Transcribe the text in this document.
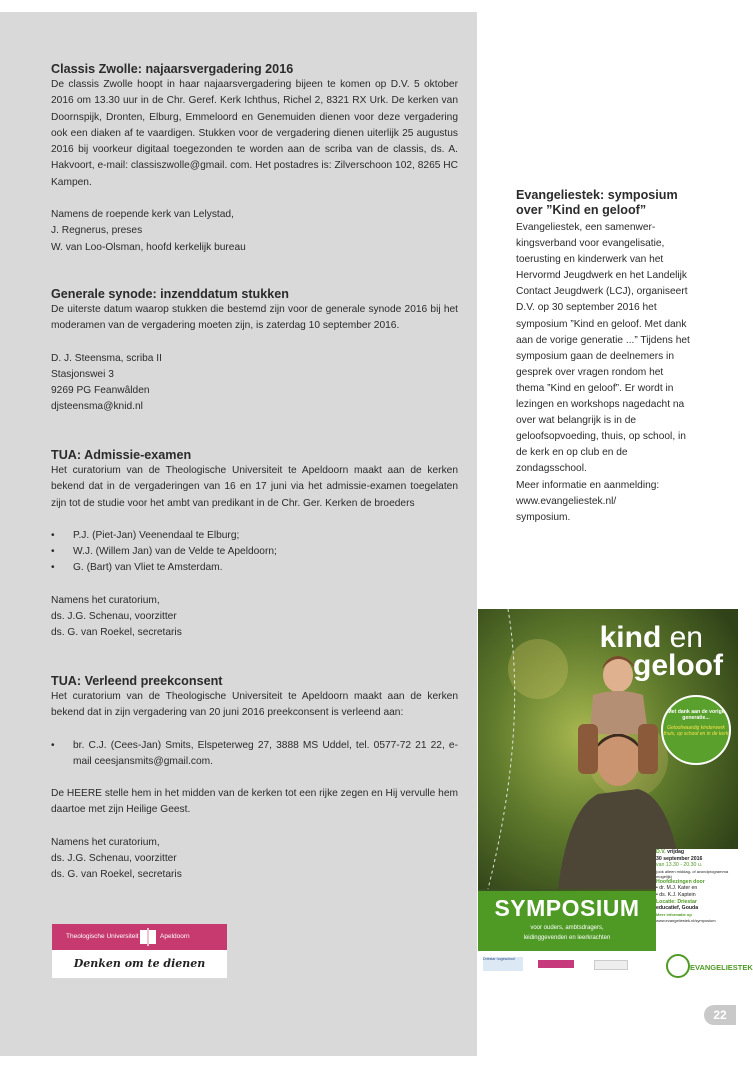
Classis Zwolle: najaarsvergadering 2016

De classis Zwolle hoopt in haar najaarsvergadering bijeen te komen op D.V. 5 oktober 2016 om 13.30 uur in de Chr. Geref. Kerk Ichthus, Richel 2, 8321 RX Urk. De kerken van Doornspijk, Dronten, Elburg, Emmeloord en Genemuiden dienen voor deze vergadering ook een diaken af te vaardigen. Stukken voor de vergadering dienen uiterlijk 25 augustus 2016 bij voorkeur digitaal toegezonden te worden aan de scriba van de classis, ds. A. Hakvoort, e-mail: classiszwolle@gmail. com. Het postadres is: Zilverschoon 102, 8265 HC Kampen.

Namens de roepende kerk van Lelystad,

J. Regnerus, preses

W. van Loo-Olsman, hoofd kerkelijk bureau

Generale synode: inzenddatum stukken

De uiterste datum waarop stukken die bestemd zijn voor de generale synode 2016 bij het moderamen van de vergadering moeten zijn, is zaterdag 10 september 2016.

D. J. Steensma, scriba II

Stasjonswei 3

9269 PG Feanwâlden

djsteensma@knid.nl

TUA: Admissie-examen

Het curatorium van de Theologische Universiteit te Apeldoorn maakt aan de kerken bekend dat in de vergaderingen van 16 en 17 juni via het admissie-examen toegelaten zijn tot de studie voor het ambt van predikant in de Chr. Ger. Kerken de broeders

• P.J. (Piet-Jan) Veenendaal te Elburg;
• W.J. (Willem Jan) van de Velde te Apeldoorn;
• G. (Bart) van Vliet te Amsterdam.

Namens het curatorium,

ds. J.G. Schenau, voorzitter

ds. G. van Roekel, secretaris

TUA: Verleend preekconsent

Het curatorium van de Theologische Universiteit te Apeldoorn maakt aan de kerken bekend dat in zijn vergadering van 20 juni 2016 preekconsent is verleend aan:

• br. C.J. (Cees-Jan) Smits, Elspeterweg 27, 3888 MS Uddel, tel. 0577-72 21 22, e-mail ceesjansmits@gmail.com.

De HEERE stelle hem in het midden van de kerken tot een rijke zegen en Hij vervulle hem daartoe met zijn Heilige Geest.

Namens het curatorium,

ds. J.G. Schenau, voorzitter

ds. G. van Roekel, secretaris

Theologische Universiteit	Apeldoorn
Denken om te dienen
Evangeliestek: symposium over ”Kind en geloof”

Evangeliestek, een samenwer-kingsverband voor evangelisatie, toerusting en kinderwerk van het Hervormd Jeugdwerk en het Landelijk Contact Jeugdwerk (LCJ), organiseert D.V. op 30 september 2016 het symposium ”Kind en geloof. Met dank aan de vorige generatie ...” Tijdens het symposium gaan de deelnemers in gesprek over vragen rondom het thema ”Kind en geloof”. Er wordt in lezingen en workshops nagedacht na over wat belangrijk is in de geloofsopvoeding, thuis, op school, in de kerk en op club en de zondagsschool.

Meer informatie en aanmelding:

www.evangeliestek.nl/

symposium.

kind en
geloof
Met dank aan de vorige generatie...
Geloofwaardig kinderwerk thuis, op school en in de kerk
D.V. vrijdag
30 september 2016
van 13.30 - 20.30 u.
(ook alleen middag- of avondprogramma mogelijk)
Hoofdlezingen door
• dr. M.J. Kater en
• ds. K.J. Kaptein
Locatie: Driestar
educatief, Gouda
Meer informatie op
www.evangeliestek.nl/symposium
SYMPOSIUM
voor ouders, ambtsdragers,
leidinggevenden en leerkrachten
Driestar hogeschool
EVANGELIESTEK
22
